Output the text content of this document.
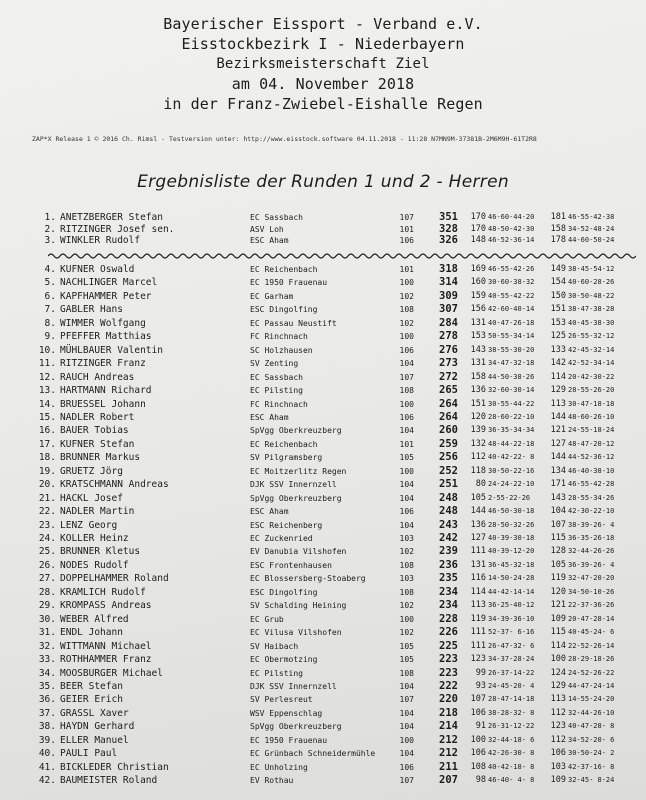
Bayerischer Eissport - Verband e.V.
Eisstockbezirk I - Niederbayern
Bezirksmeisterschaft Ziel
am 04. November 2018
in der Franz-Zwiebel-Eishalle Regen
ZAP*X Release 1 © 2016 Ch. Rimsl - Testversion unter: http://www.eisstock.software 04.11.2018 - 11:28 N7MN9M-37381B-2M6M9H-61T2R8
Ergebnisliste der Runden 1 und 2 - Herren
1. ANETZBERGER Stefan	EC Sassbach	107	351	170 46-60-44-20	181 46-55-42-38
2. RITZINGER Josef sen.	ASV Loh	101	328	170 48-50-42-30	158 34-52-48-24
3. WINKLER Rudolf	ESC Aham	106	326	148 46-52-36-14	178 44-60-50-24
4. KUFNER Oswald	EC Reichenbach	101	318	169 46-55-42-26	149 38-45-54-12
5. NACHLINGER Marcel	EC 1950 Frauenau	100	314	160 30-60-38-32	154 40-60-28-26
6. KAPFHAMMER Peter	EC Garham	102	309	159 40-55-42-22	150 30-50-48-22
7. GABLER Hans	ESC Dingolfing	108	307	156 42-60-40-14	151 38-47-38-28
8. WIMMER Wolfgang	EC Passau Neustift	102	284	131 40-47-26-18	153 40-45-38-30
9. PFEFFER Matthias	FC Rinchnach	100	278	153 50-55-34-14	125 26-55-32-12
10. MÜHLBAUER Valentin	SC Holzhausen	106	276	143 38-55-30-20	133 42-45-32-14
11. RITZINGER Franz	SV Zenting	104	273	131 34-47-32-18	142 42-52-34-14
12. RAUCH Andreas	EC Sassbach	107	272	158 44-50-38-26	114 20-42-30-22
13. HARTMANN Richard	EC Pilsting	108	265	136 32-60-30-14	129 28-55-26-20
14. BRUESSEL Johann	FC Rinchnach	100	264	151 30-55-44-22	113 30-47-18-18
15. NADLER Robert	ESC Aham	106	264	120 28-60-22-10	144 48-60-26-10
16. BAUER Tobias	SpVgg Oberkreuzberg	104	260	139 36-35-34-34	121 24-55-18-24
17. KUFNER Stefan	EC Reichenbach	101	259	132 48-44-22-18	127 48-47-20-12
18. BRUNNER Markus	SV Pilgramsberg	105	256	112 40-42-22- 8	144 44-52-36-12
19. GRUETZ Jörg	EC Moitzerlitz Regen	100	252	118 30-50-22-16	134 46-40-38-10
20. KRATSCHMANN Andreas	DJK SSV Innernzell	104	251	80 24-24-22-10	171 46-55-42-28
21. HACKL Josef	SpVgg Oberkreuzberg	104	248	105 2-55-22-26	143 28-55-34-26
22. NADLER Martin	ESC Aham	106	248	144 46-50-30-18	104 42-30-22-10
23. LENZ Georg	ESC Reichenberg	104	243	136 28-50-32-26	107 38-39-26- 4
24. KOLLER Heinz	EC Zuckenried	103	242	127 40-39-30-18	115 36-35-26-18
25. BRUNNER Kletus	EV Danubia Vilshofen	102	239	111 40-39-12-20	128 32-44-26-26
26. NODES Rudolf	ESC Frontenhausen	108	236	131 36-45-32-18	105 36-39-26- 4
27. DOPPELHAMMER Roland	EC Blossersberg-Stoaberg	103	235	116 14-50-24-28	119 32-47-20-20
28. KRAMLICH Rudolf	ESC Dingolfing	108	234	114 44-42-14-14	120 34-50-10-26
29. KROMPASS Andreas	SV Schalding Heining	102	234	113 36-25-40-12	121 22-37-36-26
30. WEBER Alfred	EC Grub	100	228	119 34-39-36-10	109 20-47-28-14
31. ENDL Johann	EC Vilusa Vilshofen	102	226	111 52-37- 6-16	115 40-45-24- 6
32. WITTMANN Michael	SV Haibach	105	225	111 26-47-32- 6	114 22-52-26-14
33. ROTHHAMMER Franz	EC Obermotzing	105	223	123 34-37-28-24	100 28-29-18-26
34. MOOSBURGER Michael	EC Pilsting	108	223	99 26-37-14-22	124 24-52-26-22
35. BEER Stefan	DJK SSV Innernzell	104	222	93 24-45-20- 4	129 44-47-24-14
36. GEIER Erich	SV Perlesreut	107	220	107 28-47-14-18	113 14-55-24-20
37. GRASSL Xaver	WSV Eppenschlag	104	218	106 38-28-32- 8	112 32-44-26-10
38. HAYDN Gerhard	SpVgg Oberkreuzberg	104	214	91 26-31-12-22	123 40-47-28- 8
39. ELLER Manuel	EC 1950 Frauenau	100	212	100 32-44-18- 6	112 34-52-20- 6
40. PAULI Paul	EC Grünbach Schneidermühle	104	212	106 42-26-30- 8	106 30-50-24- 2
41. BICKLEDER Christian	EC Unholzing	106	211	108 40-42-18- 8	103 42-37-16- 8
42. BAUMEISTER Roland	EV Rothau	107	207	98 46-40- 4- 8	109 32-45- 8-24
